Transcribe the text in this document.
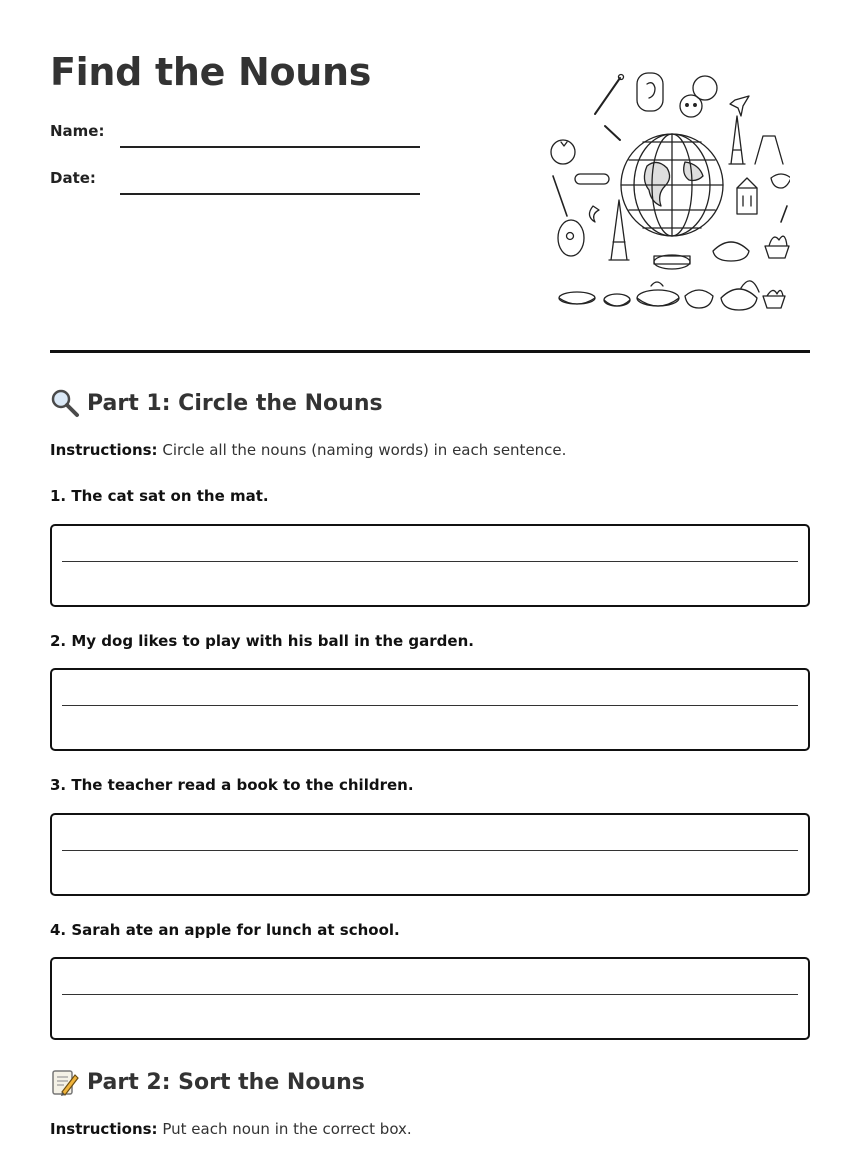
Find the Nouns
Name:
Date:
Part 1: Circle the Nouns
Instructions: Circle all the nouns (naming words) in each sentence.
1. The cat sat on the mat.
2. My dog likes to play with his ball in the garden.
3. The teacher read a book to the children.
4. Sarah ate an apple for lunch at school.
Part 2: Sort the Nouns
Instructions: Put each noun in the correct box.
